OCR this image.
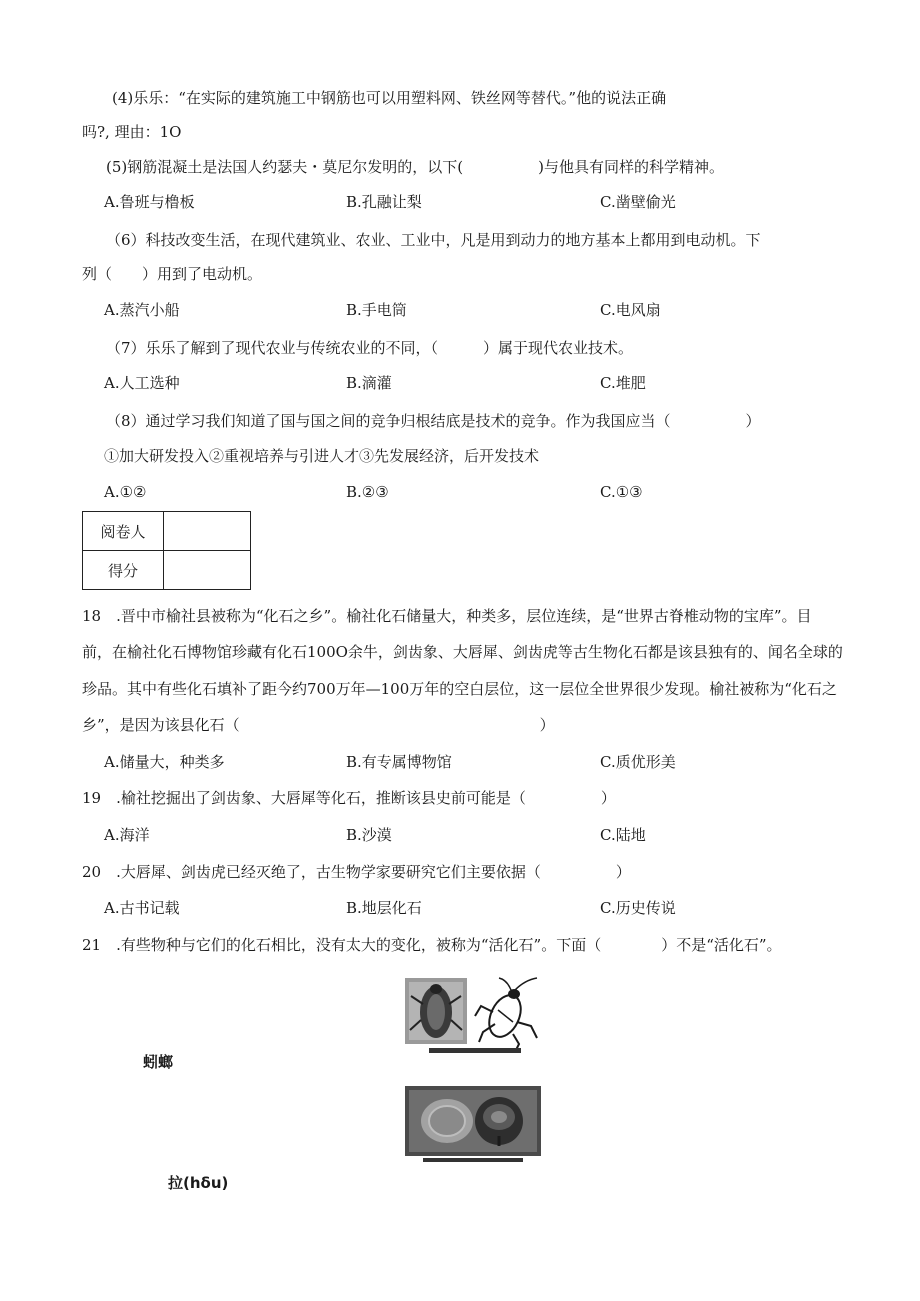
(4)乐乐：“在实际的建筑施工中钢筋也可以用塑料网、铁丝网等替代。”他的说法正确
吗?, 理由：1O
(5)钢筋混凝土是法国人约瑟夫・莫尼尔发明的，以下(　　　　　)与他具有同样的科学精神。
A.鲁班与橹板	B.孔融让梨	C.凿壁偷光
（6）科技改变生活，在现代建筑业、农业、工业中，凡是用到动力的地方基本上都用到电动机。下
列（　　）用到了电动机。
A.蒸汽小船	B.手电筒	C.电风扇
（7）乐乐了解到了现代农业与传统农业的不同，（　　　）属于现代农业技术。
A.人工选种	B.滴灌	C.堆肥
（8）通过学习我们知道了国与国之间的竞争归根结底是技术的竞争。作为我国应当（　　　　　）
①加大研发投入②重视培养与引进人才③先发展经济，后开发技术
A.①②	B.②③	C.①③
阅卷人	
得分	
18　.晋中市榆社县被称为“化石之乡”。榆社化石储量大，种类多，层位连续，是“世界古脊椎动物的宝库”。目
前，在榆社化石博物馆珍藏有化石100O余牛，剑齿象、大唇犀、剑齿虎等古生物化石都是该县独有的、闻名全球的
珍品。其中有些化石填补了距今约700万年—100万年的空白层位，这一层位全世界很少发现。榆社被称为“化石之
乡”，是因为该县化石（　　　　　　　　　　　　　　　　　　　　）
A.储量大，种类多	B.有专属博物馆	C.质优形美
19　.榆社挖掘出了剑齿象、大唇犀等化石，推断该县史前可能是（　　　　　）
A.海洋	B.沙漠	C.陆地
20　.大唇犀、剑齿虎已经灭绝了，古生物学家要研究它们主要依据（　　　　　）
A.古书记载	B.地层化石	C.历史传说
21　.有些物种与它们的化石相比，没有太大的变化，被称为“活化石”。下面（　　　　）不是“活化石”。
蚓螂
拉(hδu)
